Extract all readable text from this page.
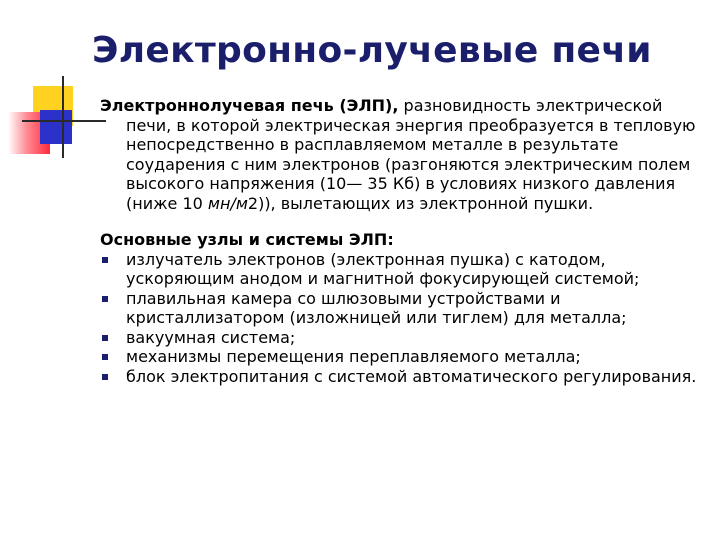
Электронно-лучевые печи

Электроннолучевая печь (ЭЛП), разновидность электрической печи, в которой электрическая энергия преобразуется в тепловую непосредственно в расплавляемом металле в результате соударения с ним электронов (разгоняются электрическим полем высокого напряжения (10— 35 Кб) в условиях низкого давления (ниже 10 мн/м2)), вылетающих из электронной пушки.

Основные узлы и системы ЭЛП:

излучатель электронов (электронная пушка) с катодом, ускоряющим анодом и магнитной фокусирующей системой;
плавильная камера со шлюзовыми устройствами и кристаллизатором (изложницей или тиглем) для металла;
вакуумная система;
механизмы перемещения переплавляемого металла;
блок электропитания с системой автоматического регулирования.
